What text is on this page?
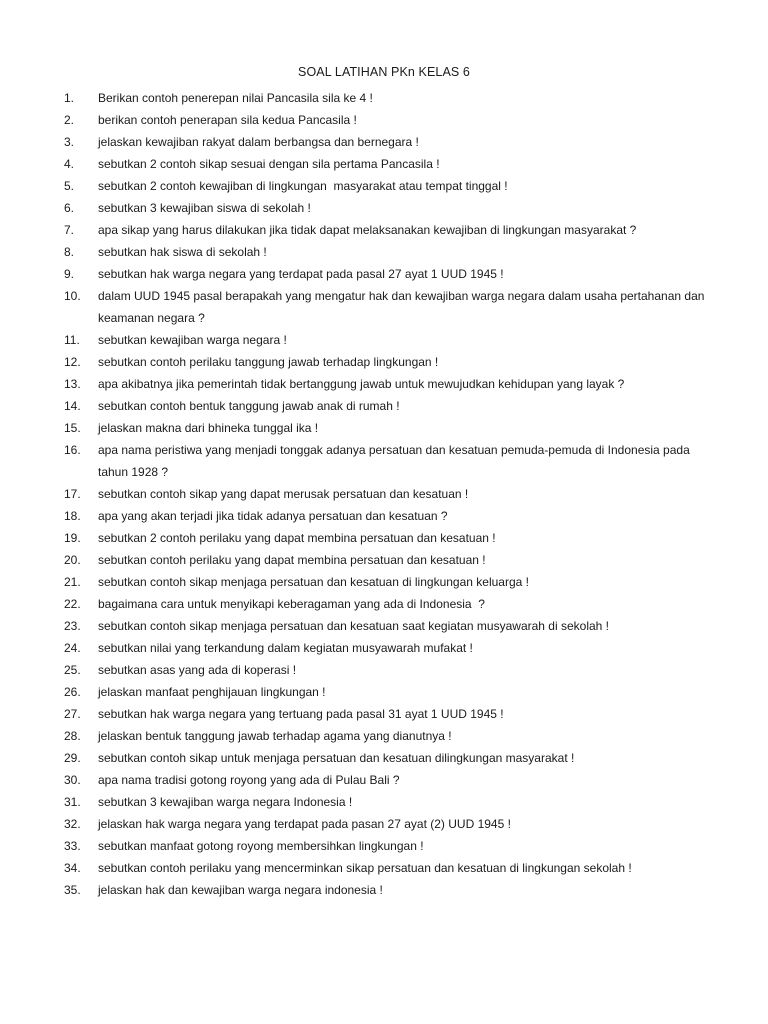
SOAL LATIHAN PKn KELAS 6
1.	Berikan contoh penerepan nilai Pancasila sila ke 4 !
2.	berikan contoh penerapan sila kedua Pancasila !
3.	jelaskan kewajiban rakyat dalam berbangsa dan bernegara !
4.	sebutkan 2 contoh sikap sesuai dengan sila pertama Pancasila !
5.	sebutkan 2 contoh kewajiban di lingkungan  masyarakat atau tempat tinggal !
6.	sebutkan 3 kewajiban siswa di sekolah !
7.	apa sikap yang harus dilakukan jika tidak dapat melaksanakan kewajiban di lingkungan masyarakat ?
8.	sebutkan hak siswa di sekolah !
9.	sebutkan hak warga negara yang terdapat pada pasal 27 ayat 1 UUD 1945 !
10.	dalam UUD 1945 pasal berapakah yang mengatur hak dan kewajiban warga negara dalam usaha pertahanan dan keamanan negara ?
11.	sebutkan kewajiban warga negara !
12.	sebutkan contoh perilaku tanggung jawab terhadap lingkungan !
13.	apa akibatnya jika pemerintah tidak bertanggung jawab untuk mewujudkan kehidupan yang layak ?
14.	sebutkan contoh bentuk tanggung jawab anak di rumah !
15.	jelaskan makna dari bhineka tunggal ika !
16.	apa nama peristiwa yang menjadi tonggak adanya persatuan dan kesatuan pemuda-pemuda di Indonesia pada tahun 1928 ?
17.	sebutkan contoh sikap yang dapat merusak persatuan dan kesatuan !
18.	apa yang akan terjadi jika tidak adanya persatuan dan kesatuan ?
19.	sebutkan 2 contoh perilaku yang dapat membina persatuan dan kesatuan !
20.	sebutkan contoh perilaku yang dapat membina persatuan dan kesatuan !
21.	sebutkan contoh sikap menjaga persatuan dan kesatuan di lingkungan keluarga !
22.	bagaimana cara untuk menyikapi keberagaman yang ada di Indonesia  ?
23.	sebutkan contoh sikap menjaga persatuan dan kesatuan saat kegiatan musyawarah di sekolah !
24.	sebutkan nilai yang terkandung dalam kegiatan musyawarah mufakat !
25.	sebutkan asas yang ada di koperasi !
26.	jelaskan manfaat penghijauan lingkungan !
27.	sebutkan hak warga negara yang tertuang pada pasal 31 ayat 1 UUD 1945 !
28.	jelaskan bentuk tanggung jawab terhadap agama yang dianutnya !
29.	sebutkan contoh sikap untuk menjaga persatuan dan kesatuan dilingkungan masyarakat !
30.	apa nama tradisi gotong royong yang ada di Pulau Bali ?
31.	sebutkan 3 kewajiban warga negara Indonesia !
32.	jelaskan hak warga negara yang terdapat pada pasan 27 ayat (2) UUD 1945 !
33.	sebutkan manfaat gotong royong membersihkan lingkungan !
34.	sebutkan contoh perilaku yang mencerminkan sikap persatuan dan kesatuan di lingkungan sekolah !
35.	jelaskan hak dan kewajiban warga negara indonesia !
